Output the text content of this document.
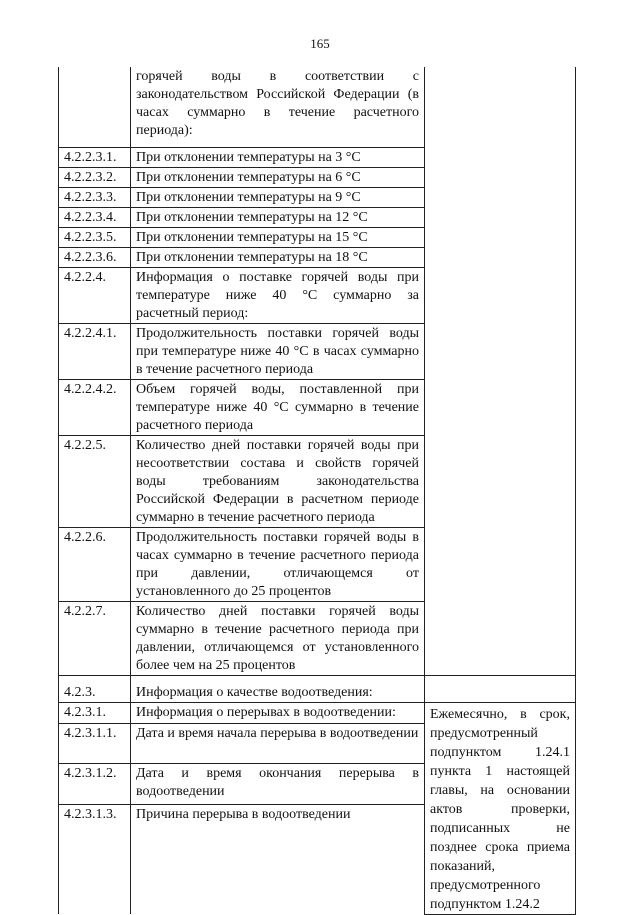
165
	горячей воды в соответствии с законодательством Российской Федерации (в часах суммарно в течение расчетного периода):	
4.2.2.3.1.	При отклонении температуры на 3 °С	
4.2.2.3.2.	При отклонении температуры на 6 °С	
4.2.2.3.3.	При отклонении температуры на 9 °С	
4.2.2.3.4.	При отклонении температуры на 12 °С	
4.2.2.3.5.	При отклонении температуры на 15 °С	
4.2.2.3.6.	При отклонении температуры на 18 °С	
4.2.2.4.	Информация о поставке горячей воды при температуре ниже 40 °С суммарно за расчетный период:	
4.2.2.4.1.	Продолжительность поставки горячей воды при температуре ниже 40 °С в часах суммарно в течение расчетного периода	
4.2.2.4.2.	Объем горячей воды, поставленной при температуре ниже 40 °С суммарно в течение расчетного периода	
4.2.2.5.	Количество дней поставки горячей воды при несоответствии состава и свойств горячей воды требованиям законодательства Российской Федерации в расчетном периоде суммарно в течение расчетного периода	
4.2.2.6.	Продолжительность поставки горячей воды в часах суммарно в течение расчетного периода при давлении, отличающемся от установленного до 25 процентов	
4.2.2.7.	Количество дней поставки горячей воды суммарно в течение расчетного периода при давлении, отличающемся от установленного более чем на 25 процентов	
4.2.3.	Информация о качестве водоотведения:	
4.2.3.1.	Информация о перерывах в водоотведении:	Ежемесячно, в срок, предусмотренный подпунктом 1.24.1 пункта 1 настоящей главы, на основании актов проверки, подписанных не позднее срока приема показаний, предусмотренного подпунктом 1.24.2
4.2.3.1.1.	Дата и время начала перерыва в водоотведении	
4.2.3.1.2.	Дата и время окончания перерыва в водоотведении	
4.2.3.1.3.	Причина перерыва в водоотведении	
